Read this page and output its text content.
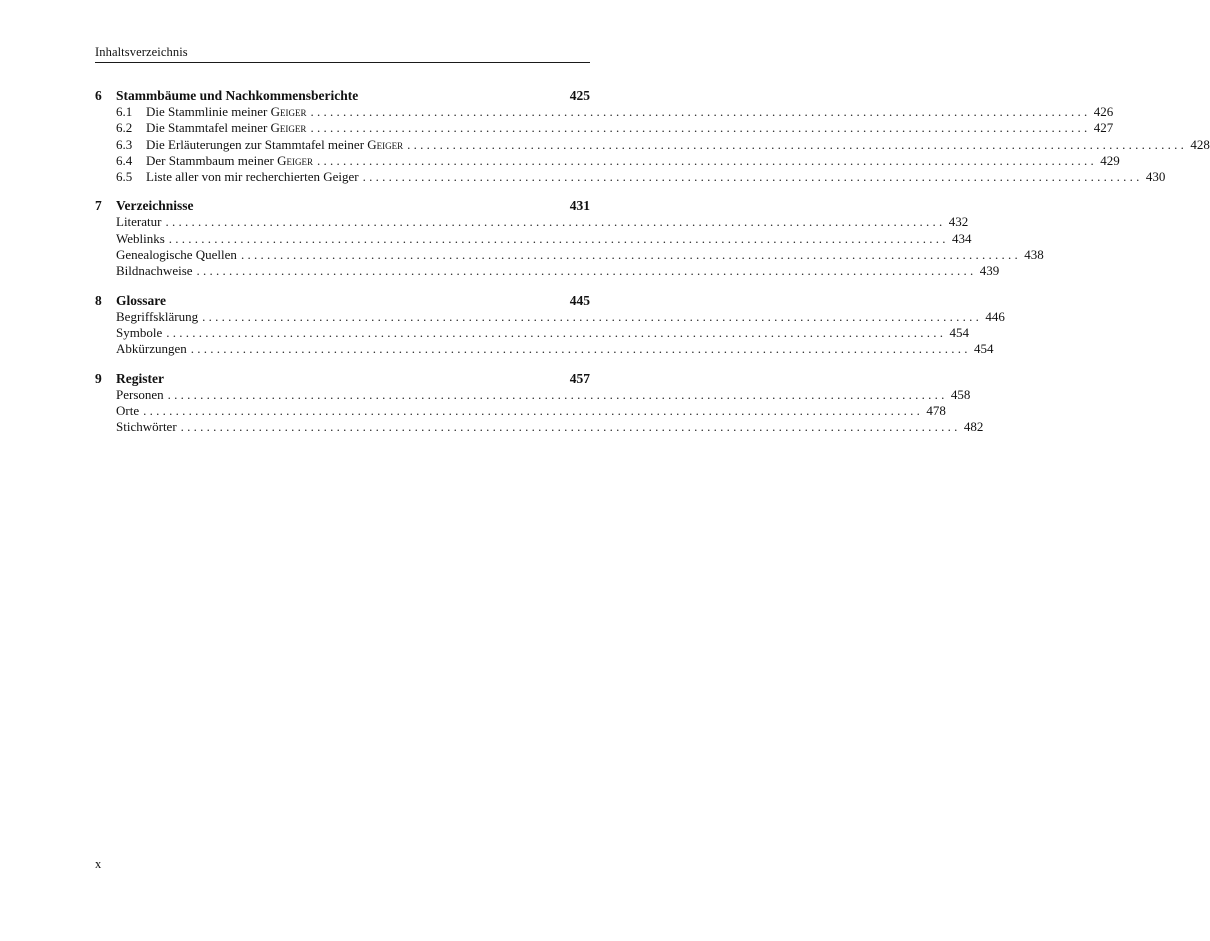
Inhaltsverzeichnis
6	Stammbäume und Nachkommensberichte	425
6.1	Die Stammlinie meiner Geiger . . . . . . . . . . . . . . . . . . . . . . . . . . . . . . . . . . . . . . . . . . . . . . . . . . . . . . . . . . . . . . . . . . . . . . . . . . . . . . . . . . . . . . . . . . . . . . . . . . . . . . . . . . . . . . . . . . . . . . . . 426
6.2	Die Stammtafel meiner Geiger . . . . . . . . . . . . . . . . . . . . . . . . . . . . . . . . . . . . . . . . . . . . . . . . . . . . . . . . . . . . . . . . . . . . . . . . . . . . . . . . . . . . . . . . . . . . . . . . . . . . . . . . . . . . . . . . . . . . . . . . 427
6.3	Die Erläuterungen zur Stammtafel meiner Geiger . . . . . . . . . . . . . . . . . . . . . . . . . . . . . . . . . . . . . . . . . . . . . . . . . . . . . . . . . . . . . . . . . . . . . . . . . . . . . . . . . . . . . . . . . . . . . . . . . . . . . . . . . . . . . . . . . . . . . . . . 428
6.4	Der Stammbaum meiner Geiger . . . . . . . . . . . . . . . . . . . . . . . . . . . . . . . . . . . . . . . . . . . . . . . . . . . . . . . . . . . . . . . . . . . . . . . . . . . . . . . . . . . . . . . . . . . . . . . . . . . . . . . . . . . . . . . . . . . . . . . . 429
6.5	Liste aller von mir recherchierten Geiger . . . . . . . . . . . . . . . . . . . . . . . . . . . . . . . . . . . . . . . . . . . . . . . . . . . . . . . . . . . . . . . . . . . . . . . . . . . . . . . . . . . . . . . . . . . . . . . . . . . . . . . . . . . . . . . . . . . . . . . . 430
7	Verzeichnisse	431
Literatur . . . . . . . . . . . . . . . . . . . . . . . . . . . . . . . . . . . . . . . . . . . . . . . . . . . . . . . . . . . . . . . . . . . . . . . . . . . . . . . . . . . . . . . . . . . . . . . . . . . . . . . . . . . . . . . . . . . . . . . . 432
Weblinks . . . . . . . . . . . . . . . . . . . . . . . . . . . . . . . . . . . . . . . . . . . . . . . . . . . . . . . . . . . . . . . . . . . . . . . . . . . . . . . . . . . . . . . . . . . . . . . . . . . . . . . . . . . . . . . . . . . . . . . . 434
Genealogische Quellen . . . . . . . . . . . . . . . . . . . . . . . . . . . . . . . . . . . . . . . . . . . . . . . . . . . . . . . . . . . . . . . . . . . . . . . . . . . . . . . . . . . . . . . . . . . . . . . . . . . . . . . . . . . . . . . . . . . . . . . . 438
Bildnachweise . . . . . . . . . . . . . . . . . . . . . . . . . . . . . . . . . . . . . . . . . . . . . . . . . . . . . . . . . . . . . . . . . . . . . . . . . . . . . . . . . . . . . . . . . . . . . . . . . . . . . . . . . . . . . . . . . . . . . . . . 439
8	Glossare	445
Begriffsklärung . . . . . . . . . . . . . . . . . . . . . . . . . . . . . . . . . . . . . . . . . . . . . . . . . . . . . . . . . . . . . . . . . . . . . . . . . . . . . . . . . . . . . . . . . . . . . . . . . . . . . . . . . . . . . . . . . . . . . . . . 446
Symbole . . . . . . . . . . . . . . . . . . . . . . . . . . . . . . . . . . . . . . . . . . . . . . . . . . . . . . . . . . . . . . . . . . . . . . . . . . . . . . . . . . . . . . . . . . . . . . . . . . . . . . . . . . . . . . . . . . . . . . . . 454
Abkürzungen . . . . . . . . . . . . . . . . . . . . . . . . . . . . . . . . . . . . . . . . . . . . . . . . . . . . . . . . . . . . . . . . . . . . . . . . . . . . . . . . . . . . . . . . . . . . . . . . . . . . . . . . . . . . . . . . . . . . . . . . 454
9	Register	457
Personen . . . . . . . . . . . . . . . . . . . . . . . . . . . . . . . . . . . . . . . . . . . . . . . . . . . . . . . . . . . . . . . . . . . . . . . . . . . . . . . . . . . . . . . . . . . . . . . . . . . . . . . . . . . . . . . . . . . . . . . . 458
Orte . . . . . . . . . . . . . . . . . . . . . . . . . . . . . . . . . . . . . . . . . . . . . . . . . . . . . . . . . . . . . . . . . . . . . . . . . . . . . . . . . . . . . . . . . . . . . . . . . . . . . . . . . . . . . . . . . . . . . . . . 478
Stichwörter . . . . . . . . . . . . . . . . . . . . . . . . . . . . . . . . . . . . . . . . . . . . . . . . . . . . . . . . . . . . . . . . . . . . . . . . . . . . . . . . . . . . . . . . . . . . . . . . . . . . . . . . . . . . . . . . . . . . . . . . 482
x
